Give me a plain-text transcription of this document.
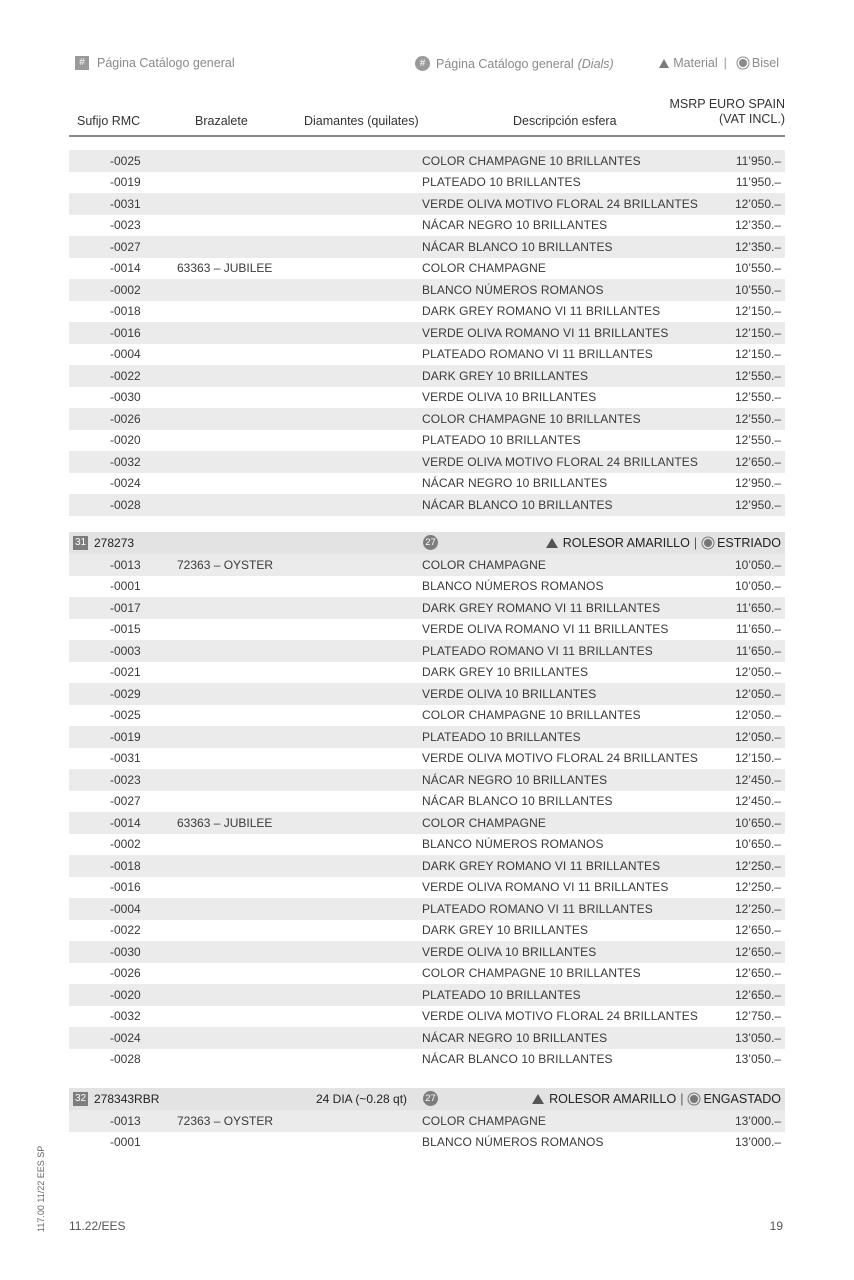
# Página Catálogo general	# Página Catálogo general (Dials)	Material | Bisel
Sufijo RMC	Brazalete	Diamantes (quilates)	Descripción esfera
MSRP EURO SPAIN
(VAT INCL.)
-0025	COLOR CHAMPAGNE 10 BRILLANTES	11’950.–
-0019	PLATEADO 10 BRILLANTES	11’950.–
-0031	VERDE OLIVA MOTIVO FLORAL 24 BRILLANTES	12’050.–
-0023	NÁCAR NEGRO 10 BRILLANTES	12’350.–
-0027	NÁCAR BLANCO 10 BRILLANTES	12’350.–
-0014	63363 – JUBILEE	COLOR CHAMPAGNE	10’550.–
-0002	BLANCO NÚMEROS ROMANOS	10’550.–
-0018	DARK GREY ROMANO VI 11 BRILLANTES	12’150.–
-0016	VERDE OLIVA ROMANO VI 11 BRILLANTES	12’150.–
-0004	PLATEADO ROMANO VI 11 BRILLANTES	12’150.–
-0022	DARK GREY 10 BRILLANTES	12’550.–
-0030	VERDE OLIVA 10 BRILLANTES	12’550.–
-0026	COLOR CHAMPAGNE 10 BRILLANTES	12’550.–
-0020	PLATEADO 10 BRILLANTES	12’550.–
-0032	VERDE OLIVA MOTIVO FLORAL 24 BRILLANTES	12’650.–
-0024	NÁCAR NEGRO 10 BRILLANTES	12’950.–
-0028	NÁCAR BLANCO 10 BRILLANTES	12’950.–
31 278273	27	ROLESOR AMARILLO | ESTRIADO
-0013	72363 – OYSTER	COLOR CHAMPAGNE	10’050.–
-0001	BLANCO NÚMEROS ROMANOS	10’050.–
-0017	DARK GREY ROMANO VI 11 BRILLANTES	11’650.–
-0015	VERDE OLIVA ROMANO VI 11 BRILLANTES	11’650.–
-0003	PLATEADO ROMANO VI 11 BRILLANTES	11’650.–
-0021	DARK GREY 10 BRILLANTES	12’050.–
-0029	VERDE OLIVA 10 BRILLANTES	12’050.–
-0025	COLOR CHAMPAGNE 10 BRILLANTES	12’050.–
-0019	PLATEADO 10 BRILLANTES	12’050.–
-0031	VERDE OLIVA MOTIVO FLORAL 24 BRILLANTES	12’150.–
-0023	NÁCAR NEGRO 10 BRILLANTES	12’450.–
-0027	NÁCAR BLANCO 10 BRILLANTES	12’450.–
-0014	63363 – JUBILEE	COLOR CHAMPAGNE	10’650.–
-0002	BLANCO NÚMEROS ROMANOS	10’650.–
-0018	DARK GREY ROMANO VI 11 BRILLANTES	12’250.–
-0016	VERDE OLIVA ROMANO VI 11 BRILLANTES	12’250.–
-0004	PLATEADO ROMANO VI 11 BRILLANTES	12’250.–
-0022	DARK GREY 10 BRILLANTES	12’650.–
-0030	VERDE OLIVA 10 BRILLANTES	12’650.–
-0026	COLOR CHAMPAGNE 10 BRILLANTES	12’650.–
-0020	PLATEADO 10 BRILLANTES	12’650.–
-0032	VERDE OLIVA MOTIVO FLORAL 24 BRILLANTES	12’750.–
-0024	NÁCAR NEGRO 10 BRILLANTES	13’050.–
-0028	NÁCAR BLANCO 10 BRILLANTES	13’050.–
32 278343RBR	24 DIA (~0.28 qt) 27	ROLESOR AMARILLO | ENGASTADO
-0013	72363 – OYSTER	COLOR CHAMPAGNE	13’000.–
-0001	BLANCO NÚMEROS ROMANOS	13’000.–
117.00 11/22 EES SP 11.22/EES	19
